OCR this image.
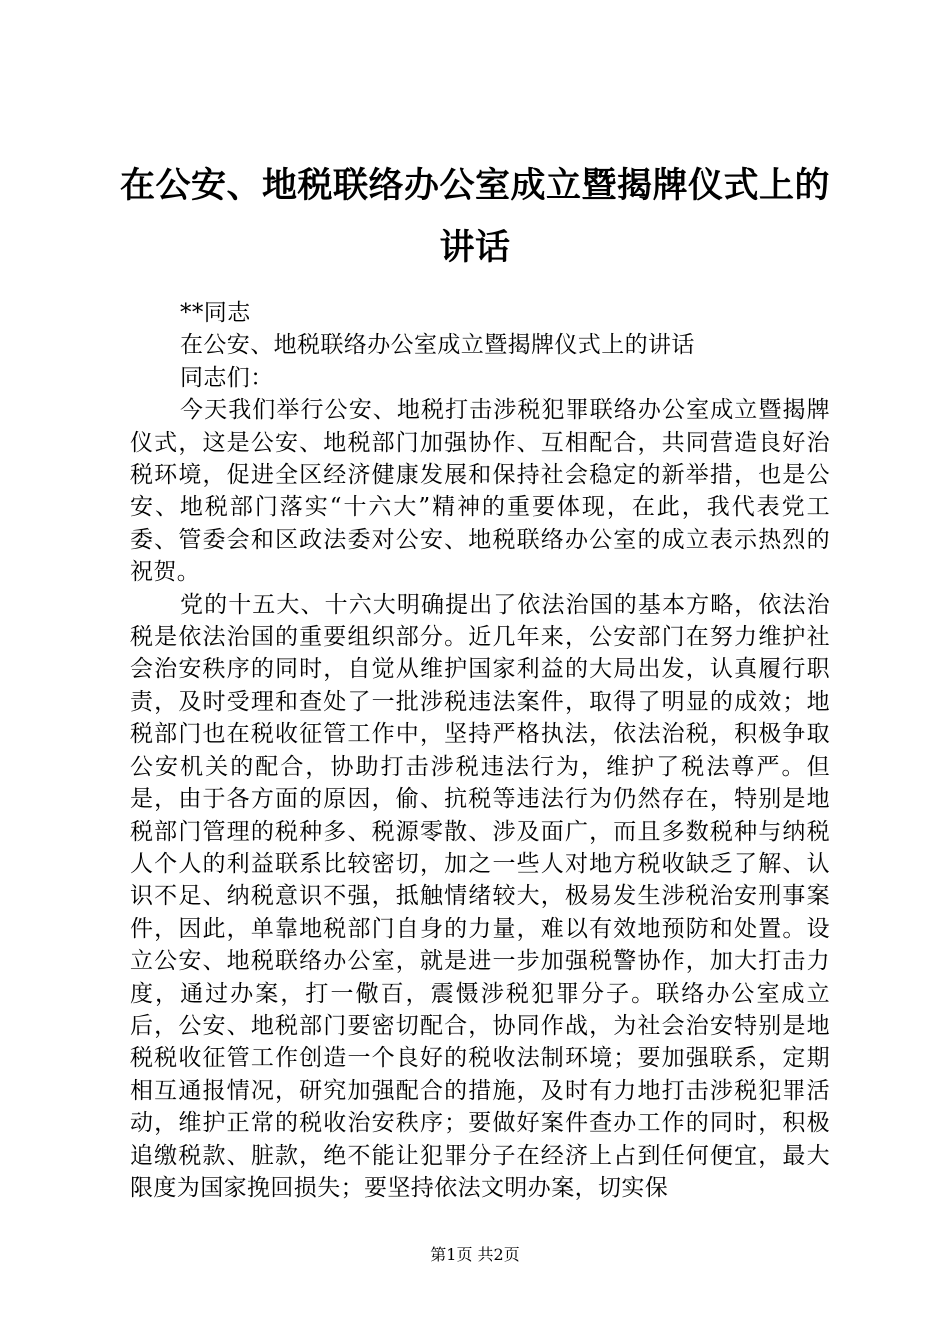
在公安、地税联络办公室成立暨揭牌仪式上的
讲话

**同志

在公安、地税联络办公室成立暨揭牌仪式上的讲话

同志们：

今天我们举行公安、地税打击涉税犯罪联络办公室成立暨揭牌仪式，这是公安、地税部门加强协作、互相配合，共同营造良好治税环境，促进全区经济健康发展和保持社会稳定的新举措，也是公安、地税部门落实“十六大”精神的重要体现，在此，我代表党工委、管委会和区政法委对公安、地税联络办公室的成立表示热烈的祝贺。

党的十五大、十六大明确提出了依法治国的基本方略，依法治税是依法治国的重要组织部分。近几年来，公安部门在努力维护社会治安秩序的同时，自觉从维护国家利益的大局出发，认真履行职责，及时受理和查处了一批涉税违法案件，取得了明显的成效；地税部门也在税收征管工作中，坚持严格执法，依法治税，积极争取公安机关的配合，协助打击涉税违法行为，维护了税法尊严。但是，由于各方面的原因，偷、抗税等违法行为仍然存在，特别是地税部门管理的税种多、税源零散、涉及面广，而且多数税种与纳税人个人的利益联系比较密切，加之一些人对地方税收缺乏了解、认识不足、纳税意识不强，抵触情绪较大，极易发生涉税治安刑事案件，因此，单靠地税部门自身的力量，难以有效地预防和处置。设立公安、地税联络办公室，就是进一步加强税警协作，加大打击力度，通过办案，打一儆百，震慑涉税犯罪分子。联络办公室成立后，公安、地税部门要密切配合，协同作战，为社会治安特别是地税税收征管工作创造一个良好的税收法制环境；要加强联系，定期相互通报情况，研究加强配合的措施，及时有力地打击涉税犯罪活动，维护正常的税收治安秩序；要做好案件查办工作的同时，积极追缴税款、脏款，绝不能让犯罪分子在经济上占到任何便宜，最大限度为国家挽回损失；要坚持依法文明办案，切实保

第1页 共2页
